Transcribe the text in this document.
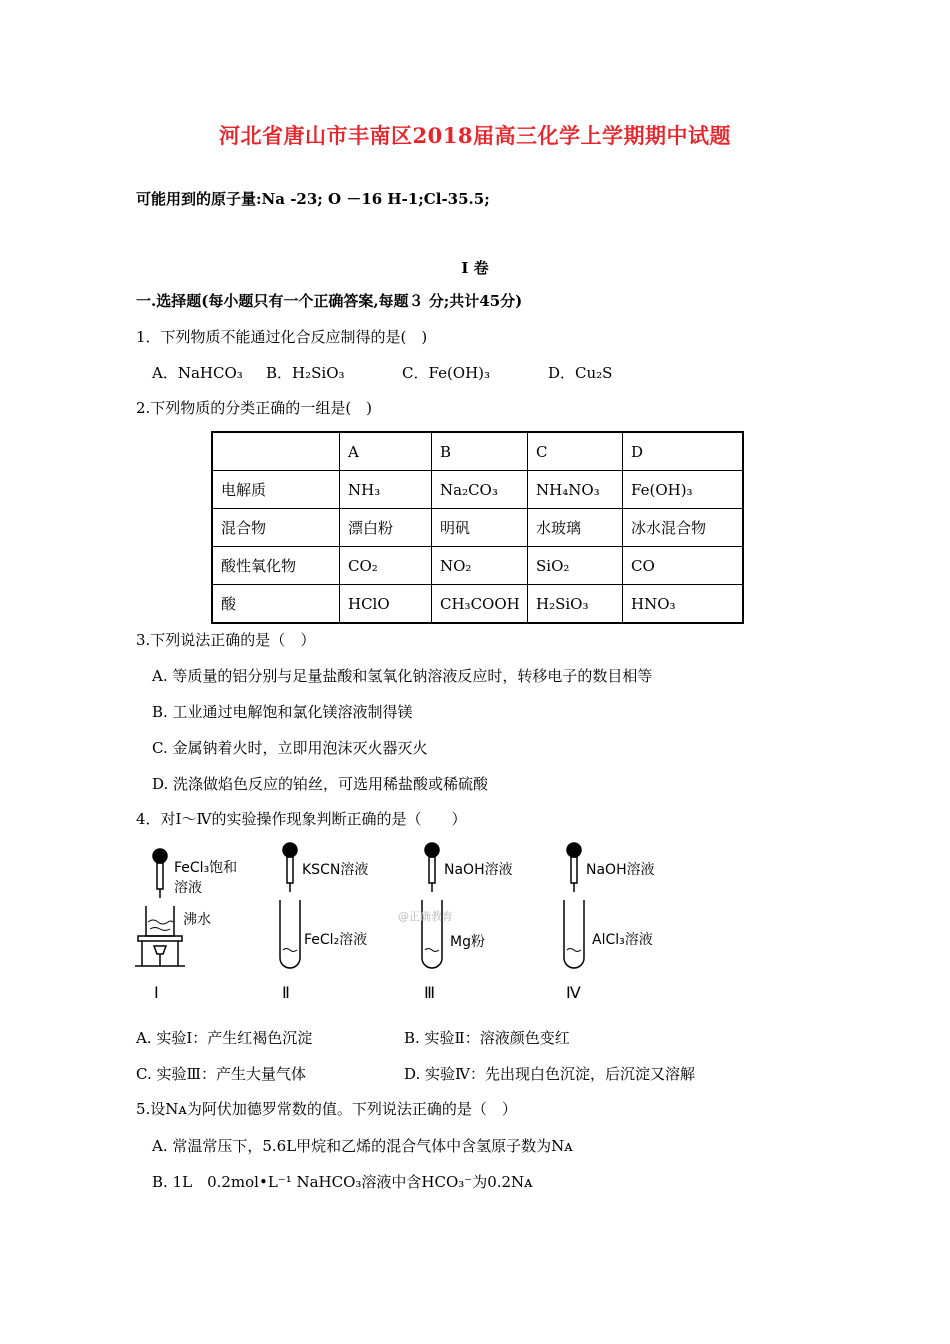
河北省唐山市丰南区2018届高三化学上学期期中试题
可能用到的原子量:Na -23; O －16 H-1;Cl-35.5;
I 卷
一.选择题(每小题只有一个正确答案,每题３ 分;共计45分)
1．下列物质不能通过化合反应制得的是(　)
A．NaHCO₃ B．H₂SiO₃	C．Fe(OH)₃	D．Cu₂S
2.下列物质的分类正确的一组是(　)
	A	B	C	D
电解质	NH₃	Na₂CO₃	NH₄NO₃	Fe(OH)₃
混合物	漂白粉	明矾	水玻璃	冰水混合物
酸性氧化物	CO₂	NO₂	SiO₂	CO
酸	HClO	CH₃COOH	H₂SiO₃	HNO₃
3.下列说法正确的是（　）
A. 等质量的铝分别与足量盐酸和氢氧化钠溶液反应时，转移电子的数目相等
B. 工业通过电解饱和氯化镁溶液制得镁
C. 金属钠着火时，立即用泡沫灭火器灭火
D. 洗涤做焰色反应的铂丝，可选用稀盐酸或稀硫酸
4．对Ⅰ～Ⅳ的实验操作现象判断正确的是（　　）
FeCl₃饱和
溶液
沸水
KSCN溶液
FeCl₂溶液
NaOH溶液
Mg粉
NaOH溶液
AlCl₃溶液
Ⅰ	Ⅱ	Ⅲ	Ⅳ
@正确教育
A. 实验Ⅰ：产生红褐色沉淀	B. 实验Ⅱ：溶液颜色变红
C. 实验Ⅲ：产生大量气体	D. 实验Ⅳ：先出现白色沉淀，后沉淀又溶解
5.设Nᴀ为阿伏加德罗常数的值。下列说法正确的是（　）
A. 常温常压下，5.6L甲烷和乙烯的混合气体中含氢原子数为Nᴀ
B. 1L　0.2mol•L⁻¹ NaHCO₃溶液中含HCO₃⁻为0.2Nᴀ
